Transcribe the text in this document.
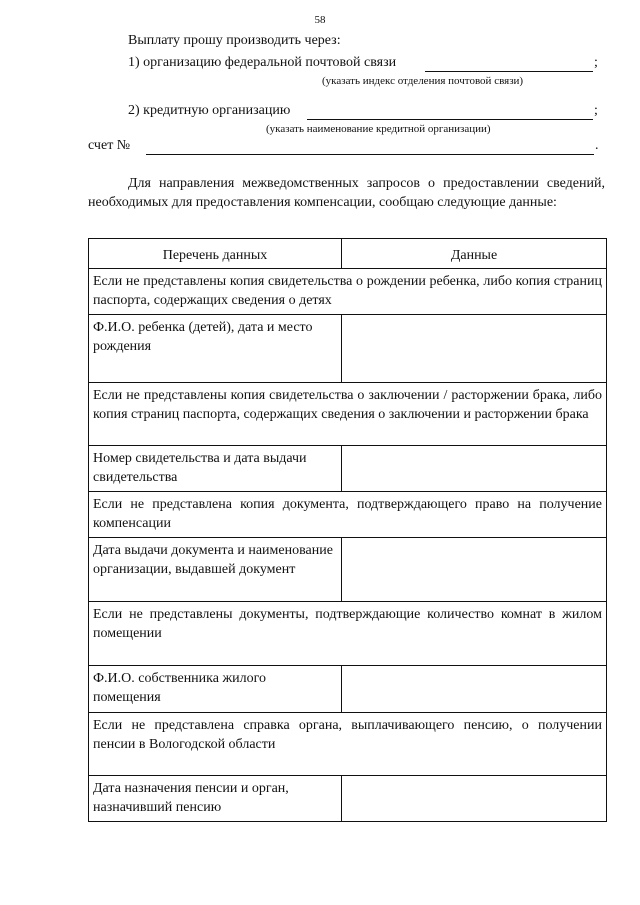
58
Выплату прошу производить через:
1) организацию федеральной почтовой связи	;
(указать индекс отделения почтовой связи)
2) кредитную организацию	;
(указать наименование кредитной организации)
счет №	.
Для направления межведомственных запросов о предоставлении сведений, необходимых для предоставления компенсации, сообщаю следующие данные:
Перечень данных	Данные
Если не представлены копия свидетельства о рождении ребенка, либо копия страниц паспорта, содержащих сведения о детях	
Ф.И.О. ребенка (детей), дата и место рождения	
Если не представлены копия свидетельства о заключении / расторжении брака, либо копия страниц паспорта, содержащих сведения о заключении и расторжении брака	
Номер свидетельства и дата выдачи свидетельства	
Если не представлена копия документа, подтверждающего право на получение компенсации	
Дата выдачи документа и наименование организации, выдавшей документ	
Если не представлены документы, подтверждающие количество комнат в жилом помещении	
Ф.И.О. собственника жилого помещения	
Если не представлена справка органа, выплачивающего пенсию, о получении пенсии в Вологодской области	
Дата назначения пенсии и орган, назначивший пенсию	
